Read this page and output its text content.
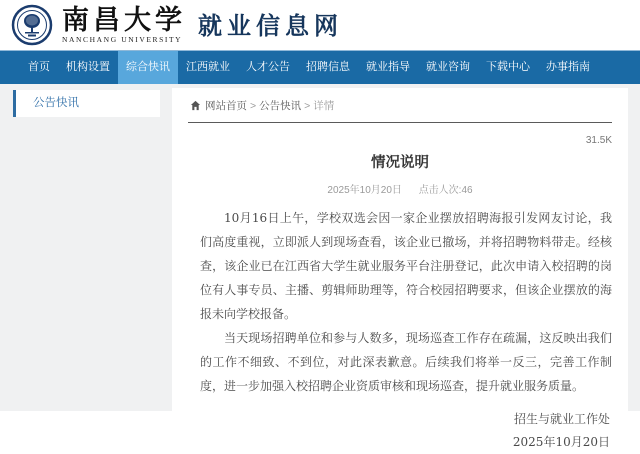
南昌大学
NANCHANG UNIVERSITY 就业信息网
首页	机构设置	综合快讯	江西就业	人才公告	招聘信息	就业指导	就业咨询	下载中心	办事指南
公告快讯	网站首页 > 公告快讯 > 详情
31.5K
情况说明
2025年10月20日 点击人次:46

10月16日上午，学校双选会因一家企业摆放招聘海报引发网友讨论，我们高度重视，立即派人到现场查看，该企业已撤场，并将招聘物料带走。经核查，该企业已在江西省大学生就业服务平台注册登记，此次申请入校招聘的岗位有人事专员、主播、剪辑师助理等，符合校园招聘要求，但该企业摆放的海报未向学校报备。

当天现场招聘单位和参与人数多，现场巡查工作存在疏漏，这反映出我们的工作不细致、不到位，对此深表歉意。后续我们将举一反三，完善工作制度，进一步加强入校招聘企业资质审核和现场巡查，提升就业服务质量。

招生与就业工作处
2025年10月20日
